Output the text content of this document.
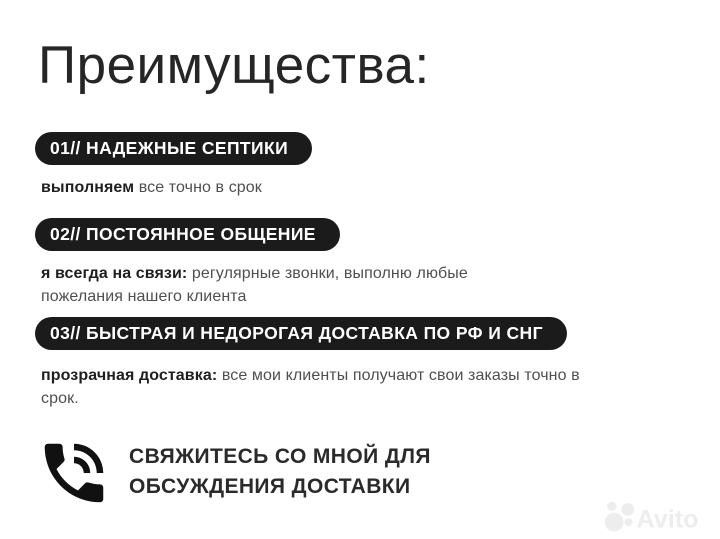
Преимущества:
01// НАДЕЖНЫЕ СЕПТИКИ

выполняем все точно в срок

02// ПОСТОЯННОЕ ОБЩЕНИЕ

я всегда на связи: регулярные звонки, выполню любые пожелания нашего клиента

03// БЫСТРАЯ И НЕДОРОГАЯ ДОСТАВКА ПО РФ И СНГ

прозрачная доставка: все мои клиенты получают свои заказы точно в срок.

СВЯЖИТЕСЬ СО МНОЙ ДЛЯ ОБСУЖДЕНИЯ ДОСТАВКИ
Avito
